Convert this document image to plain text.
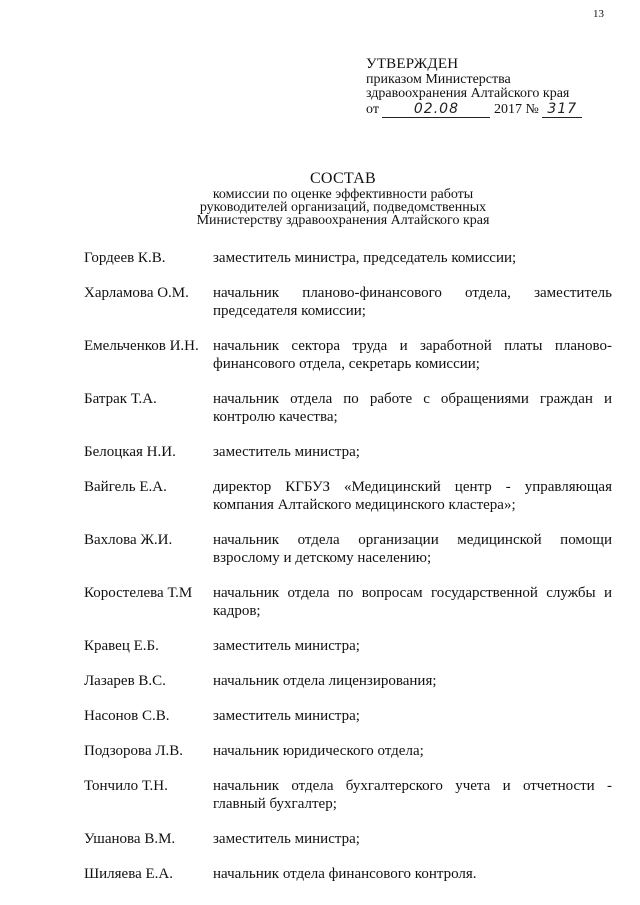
13
УТВЕРЖДЕН
приказом Министерства
здравоохранения Алтайского края
от 02.08 2017 № 317
СОСТАВ
комиссии по оценке эффективности работы
руководителей организаций, подведомственных
Министерству здравоохранения Алтайского края
Гордеев К.В.	заместитель министра, председатель комиссии;
Харламова О.М.	начальник планово-финансового отдела, заместитель председателя комиссии;
Емельченков И.Н. начальник сектора труда и заработной платы планово-финансового отдела, секретарь комиссии;
Батрак Т.А.	начальник отдела по работе с обращениями граждан и контролю качества;
Белоцкая Н.И.	заместитель министра;
Вайгель Е.А.	директор КГБУЗ «Медицинский центр - управляющая компания Алтайского медицинского кластера»;
Вахлова Ж.И.	начальник отдела организации медицинской помощи взрослому и детскому населению;
Коростелева Т.М	начальник отдела по вопросам государственной службы и кадров;
Кравец Е.Б.	заместитель министра;
Лазарев В.С.	начальник отдела лицензирования;
Насонов С.В.	заместитель министра;
Подзорова Л.В.	начальник юридического отдела;
Тончило Т.Н.	начальник отдела бухгалтерского учета и отчетности - главный бухгалтер;
Ушанова В.М.	заместитель министра;
Шиляева Е.А.	начальник отдела финансового контроля.
